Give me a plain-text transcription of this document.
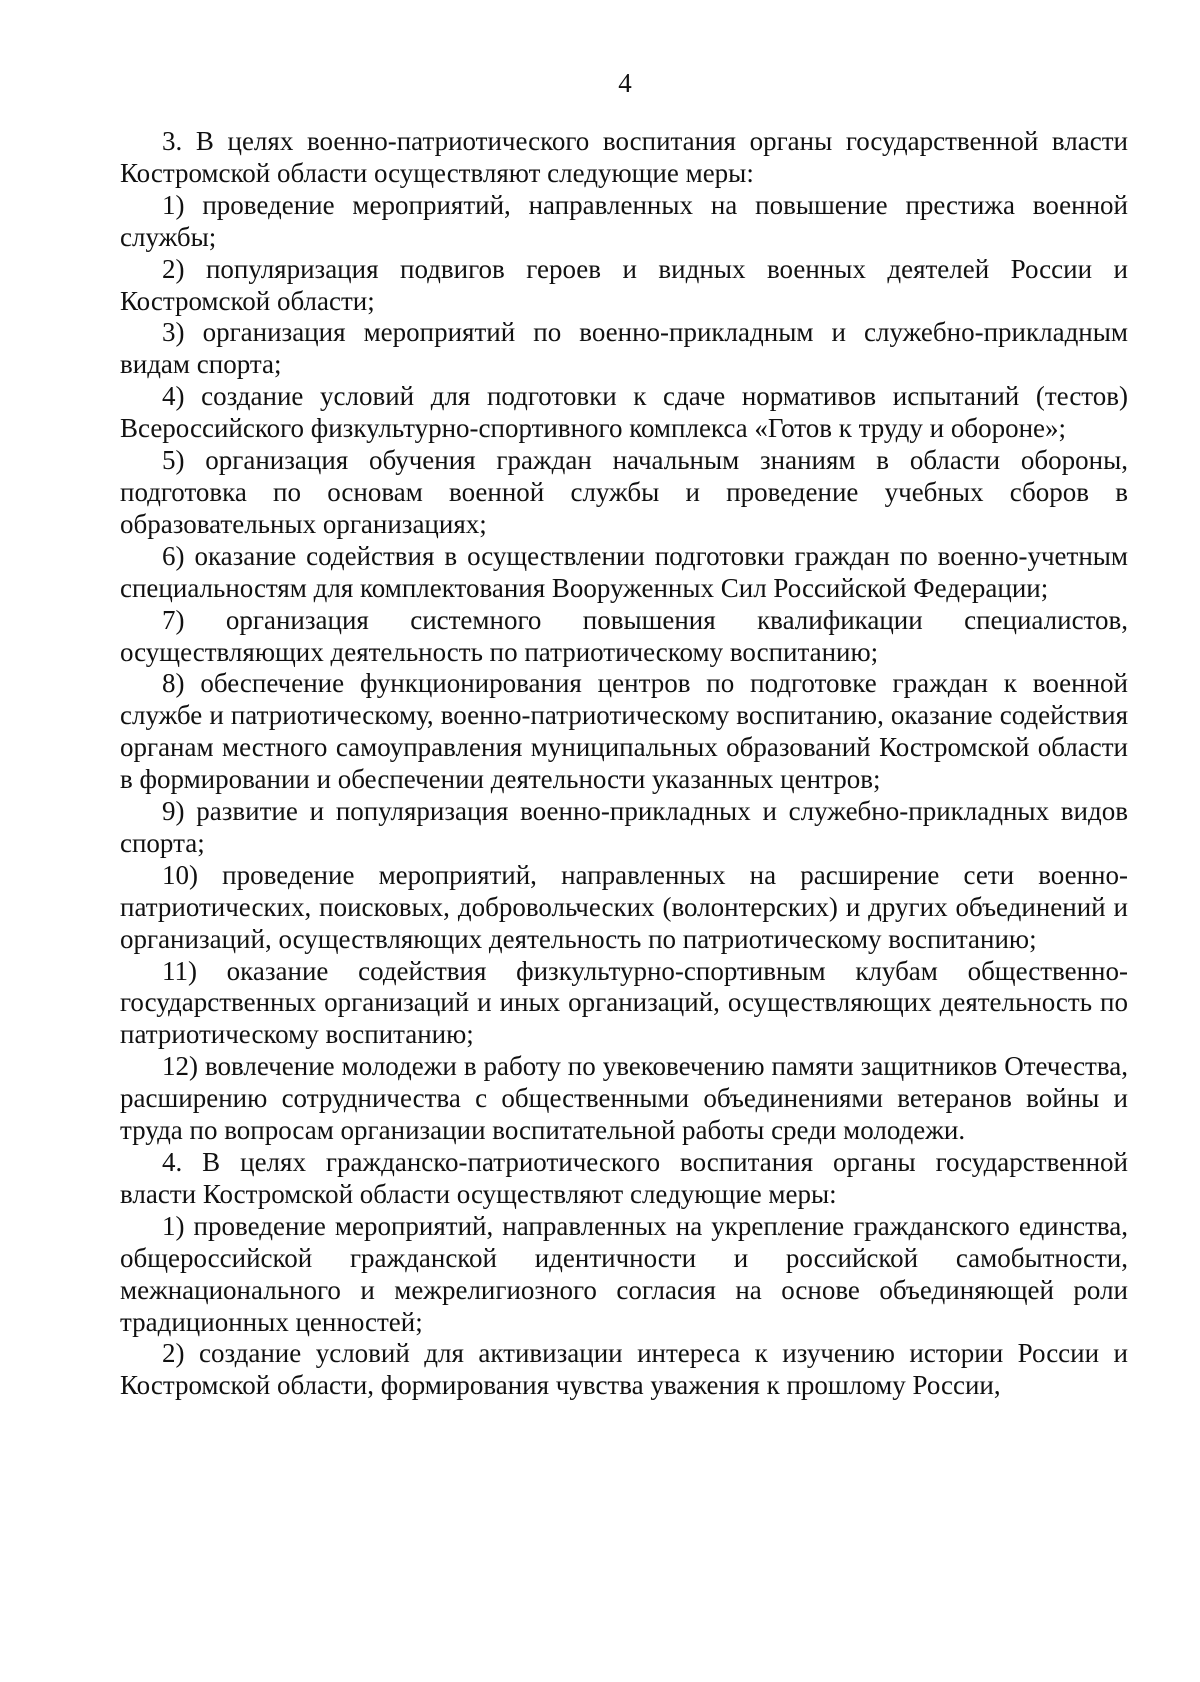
4

3. В целях военно-патриотического воспитания органы государственной власти Костромской области осуществляют следующие меры:

1) проведение мероприятий, направленных на повышение престижа военной службы;

2) популяризация подвигов героев и видных военных деятелей России и Костромской области;

3) организация мероприятий по военно-прикладным и служебно-прикладным видам спорта;

4) создание условий для подготовки к сдаче нормативов испытаний (тестов) Всероссийского физкультурно-спортивного комплекса «Готов к труду и обороне»;

5) организация обучения граждан начальным знаниям в области обороны, подготовка по основам военной службы и проведение учебных сборов в образовательных организациях;

6) оказание содействия в осуществлении подготовки граждан по военно-учетным специальностям для комплектования Вооруженных Сил Российской Федерации;

7) организация системного повышения квалификации специалистов, осуществляющих деятельность по патриотическому воспитанию;

8) обеспечение функционирования центров по подготовке граждан к военной службе и патриотическому, военно-патриотическому воспитанию, оказание содействия органам местного самоуправления муниципальных образований Костромской области в формировании и обеспечении деятельности указанных центров;

9) развитие и популяризация военно-прикладных и служебно-прикладных видов спорта;

10) проведение мероприятий, направленных на расширение сети военно-патриотических, поисковых, добровольческих (волонтерских) и других объединений и организаций, осуществляющих деятельность по патриотическому воспитанию;

11) оказание содействия физкультурно-спортивным клубам общественно-государственных организаций и иных организаций, осуществляющих деятельность по патриотическому воспитанию;

12) вовлечение молодежи в работу по увековечению памяти защитников Отечества, расширению сотрудничества с общественными объединениями ветеранов войны и труда по вопросам организации воспитательной работы среди молодежи.

4. В целях гражданско-патриотического воспитания органы государственной власти Костромской области осуществляют следующие меры:

1) проведение мероприятий, направленных на укрепление гражданского единства, общероссийской гражданской идентичности и российской самобытности, межнационального и межрелигиозного согласия на основе объединяющей роли традиционных ценностей;

2) создание условий для активизации интереса к изучению истории России и Костромской области, формирования чувства уважения к прошлому России,
